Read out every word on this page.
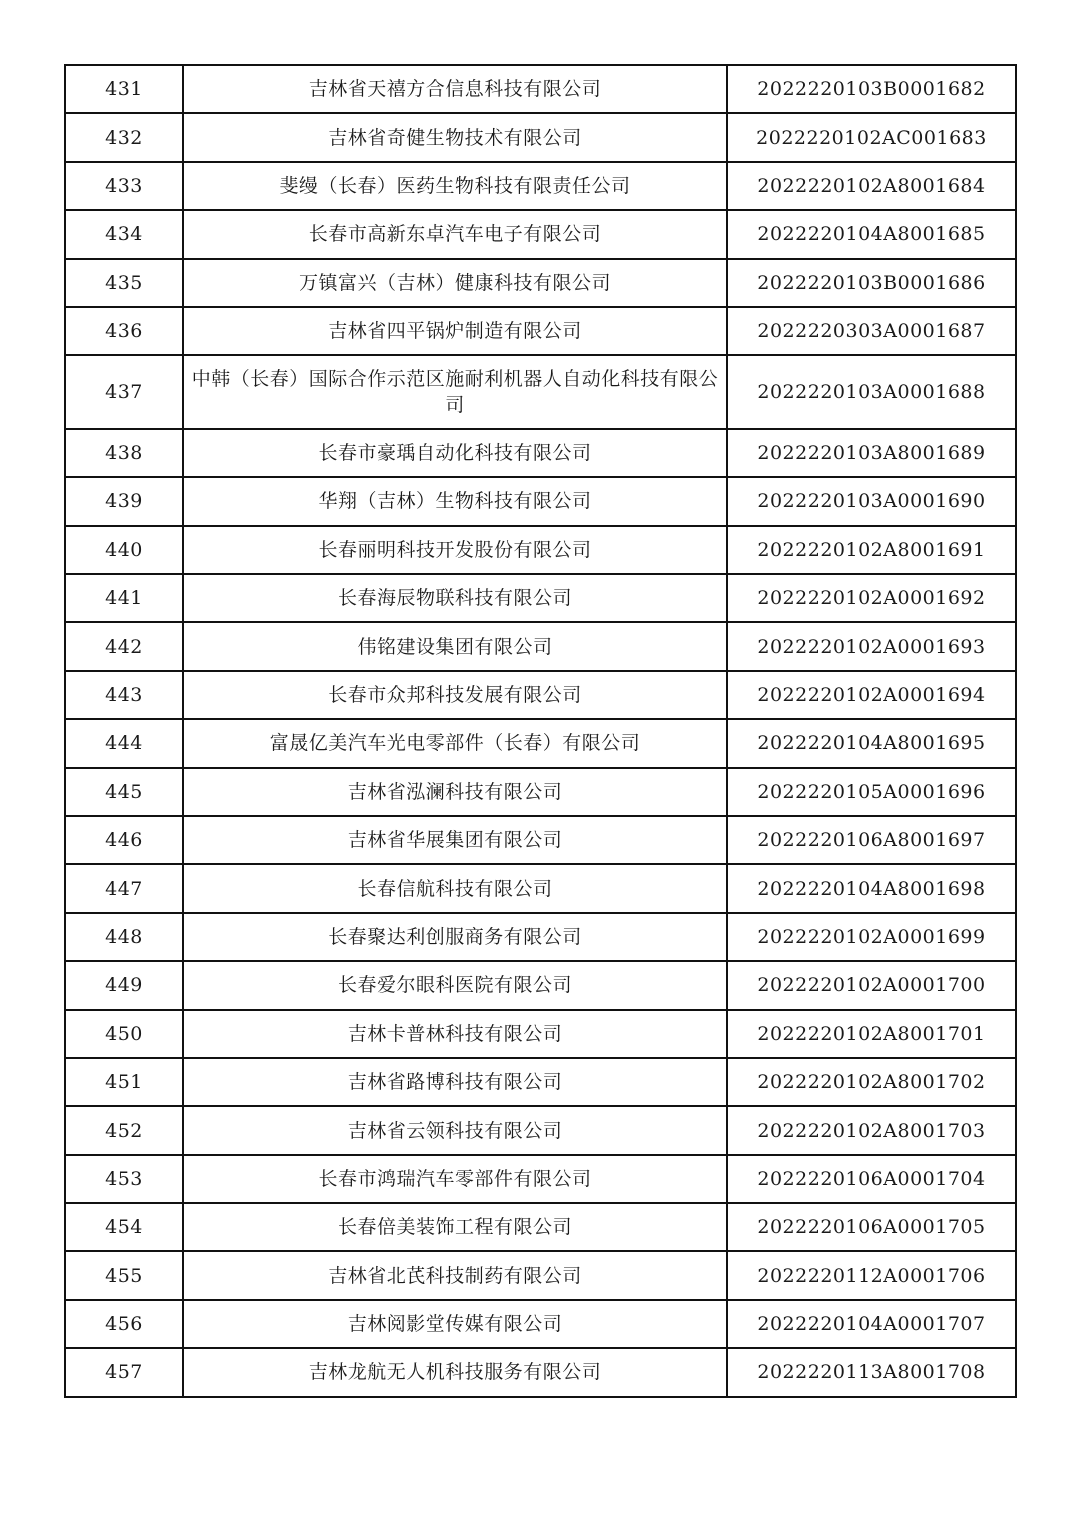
431	吉林省天禧方合信息科技有限公司	2022220103B0001682
432	吉林省奇健生物技术有限公司	2022220102AC001683
433	斐缦（长春）医药生物科技有限责任公司	2022220102A8001684
434	长春市高新东卓汽车电子有限公司	2022220104A8001685
435	万镇富兴（吉林）健康科技有限公司	2022220103B0001686
436	吉林省四平锅炉制造有限公司	2022220303A0001687
437	中韩（长春）国际合作示范区施耐利机器人自动化科技有限公司	2022220103A0001688
438	长春市豪瑀自动化科技有限公司	2022220103A8001689
439	华翔（吉林）生物科技有限公司	2022220103A0001690
440	长春丽明科技开发股份有限公司	2022220102A8001691
441	长春海辰物联科技有限公司	2022220102A0001692
442	伟铭建设集团有限公司	2022220102A0001693
443	长春市众邦科技发展有限公司	2022220102A0001694
444	富晟亿美汽车光电零部件（长春）有限公司	2022220104A8001695
445	吉林省泓澜科技有限公司	2022220105A0001696
446	吉林省华展集团有限公司	2022220106A8001697
447	长春信航科技有限公司	2022220104A8001698
448	长春聚达利创服商务有限公司	2022220102A0001699
449	长春爱尔眼科医院有限公司	2022220102A0001700
450	吉林卡普林科技有限公司	2022220102A8001701
451	吉林省路博科技有限公司	2022220102A8001702
452	吉林省云领科技有限公司	2022220102A8001703
453	长春市鸿瑞汽车零部件有限公司	2022220106A0001704
454	长春倍美装饰工程有限公司	2022220106A0001705
455	吉林省北芪科技制药有限公司	2022220112A0001706
456	吉林阅影堂传媒有限公司	2022220104A0001707
457	吉林龙航无人机科技服务有限公司	2022220113A8001708
